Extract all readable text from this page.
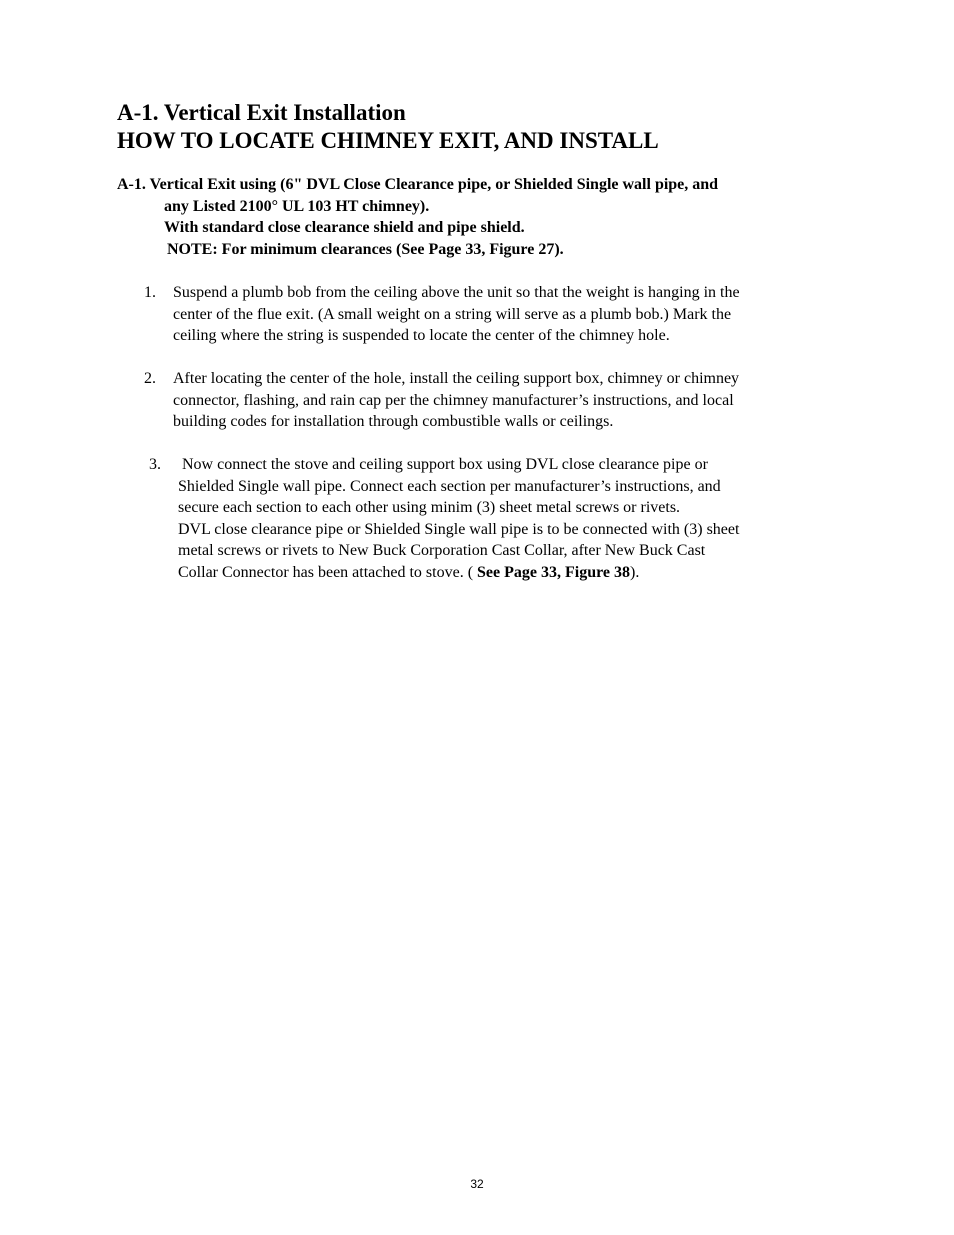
A-1. Vertical Exit Installation
HOW TO LOCATE CHIMNEY EXIT, AND INSTALL
A-1. Vertical Exit using (6" DVL Close Clearance pipe, or Shielded Single wall pipe, and
any Listed 2100° UL 103 HT chimney).
With standard close clearance shield and pipe shield.
NOTE: For minimum clearances (See Page 33, Figure 27).
1. Suspend a plumb bob from the ceiling above the unit so that the weight is hanging in the
center of the flue exit. (A small weight on a string will serve as a plumb bob.) Mark the
ceiling where the string is suspended to locate the center of the chimney hole.
2. After locating the center of the hole, install the ceiling support box, chimney or chimney
connector, flashing, and rain cap per the chimney manufacturer’s instructions, and local
building codes for installation through combustible walls or ceilings.
3. Now connect the stove and ceiling support box using DVL close clearance pipe or
Shielded Single wall pipe. Connect each section per manufacturer’s instructions, and
secure each section to each other using minim (3) sheet metal screws or rivets.
DVL close clearance pipe or Shielded Single wall pipe is to be connected with (3) sheet
metal screws or rivets to New Buck Corporation Cast Collar, after New Buck Cast
Collar Connector has been attached to stove. ( See Page 33, Figure 38).
32
